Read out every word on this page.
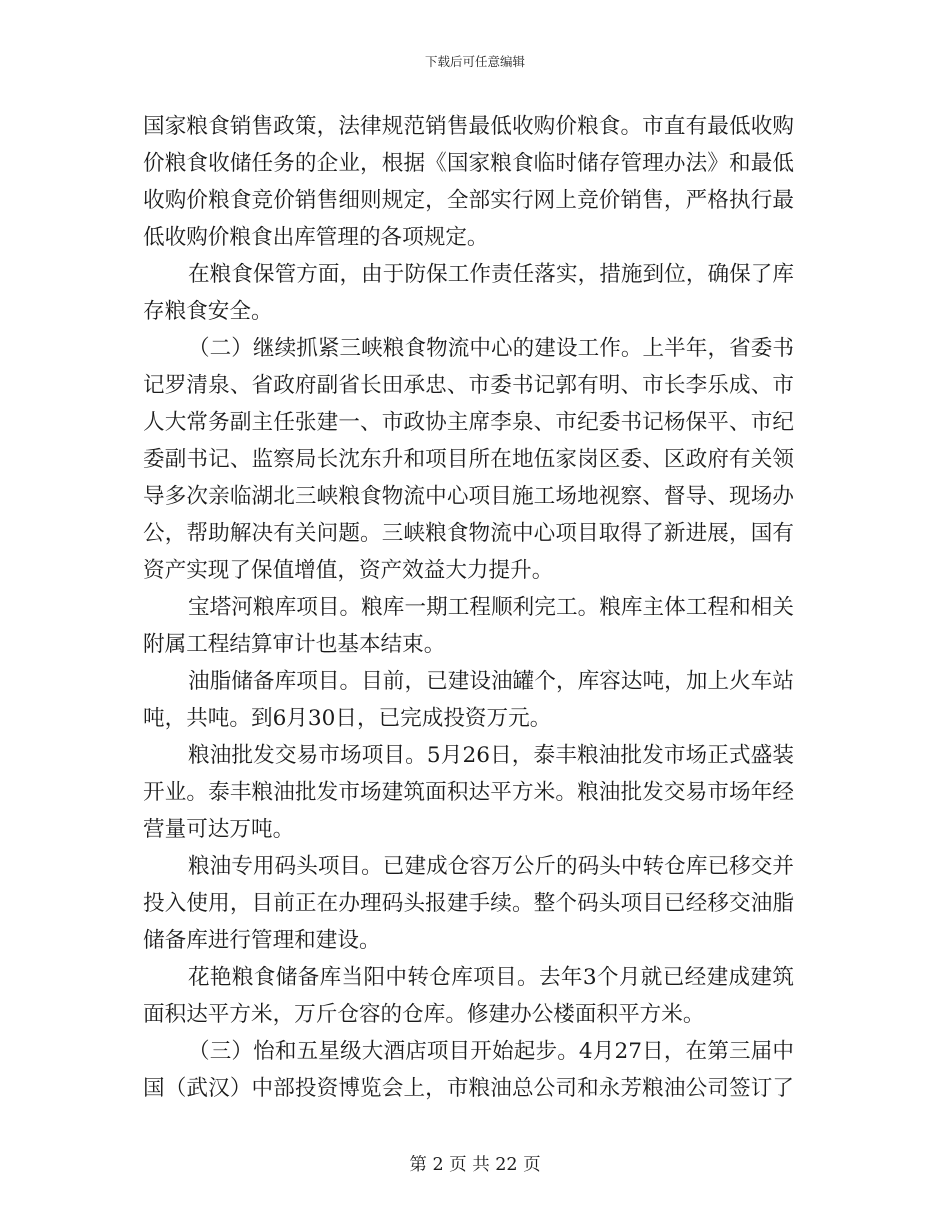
下载后可任意编辑
国家粮食销售政策，法律规范销售最低收购价粮食。市直有最低收购
价粮食收储任务的企业，根据《国家粮食临时储存管理办法》和最低
收购价粮食竞价销售细则规定，全部实行网上竞价销售，严格执行最
低收购价粮食出库管理的各项规定。
在粮食保管方面，由于防保工作责任落实，措施到位，确保了库
存粮食安全。
（二）继续抓紧三峡粮食物流中心的建设工作。上半年，省委书
记罗清泉、省政府副省长田承忠、市委书记郭有明、市长李乐成、市
人大常务副主任张建一、市政协主席李泉、市纪委书记杨保平、市纪
委副书记、监察局长沈东升和项目所在地伍家岗区委、区政府有关领
导多次亲临湖北三峡粮食物流中心项目施工场地视察、督导、现场办
公，帮助解决有关问题。三峡粮食物流中心项目取得了新进展，国有
资产实现了保值增值，资产效益大力提升。
宝塔河粮库项目。粮库一期工程顺利完工。粮库主体工程和相关
附属工程结算审计也基本结束。
油脂储备库项目。目前，已建设油罐个，库容达吨，加上火车站
吨，共吨。到6月30日，已完成投资万元。
粮油批发交易市场项目。5月26日，泰丰粮油批发市场正式盛装
开业。泰丰粮油批发市场建筑面积达平方米。粮油批发交易市场年经
营量可达万吨。
粮油专用码头项目。已建成仓容万公斤的码头中转仓库已移交并
投入使用，目前正在办理码头报建手续。整个码头项目已经移交油脂
储备库进行管理和建设。
花艳粮食储备库当阳中转仓库项目。去年3个月就已经建成建筑
面积达平方米，万斤仓容的仓库。修建办公楼面积平方米。
（三）怡和五星级大酒店项目开始起步。4月27日，在第三届中
国（武汉）中部投资博览会上，市粮油总公司和永芳粮油公司签订了
第 2 页 共 22 页
